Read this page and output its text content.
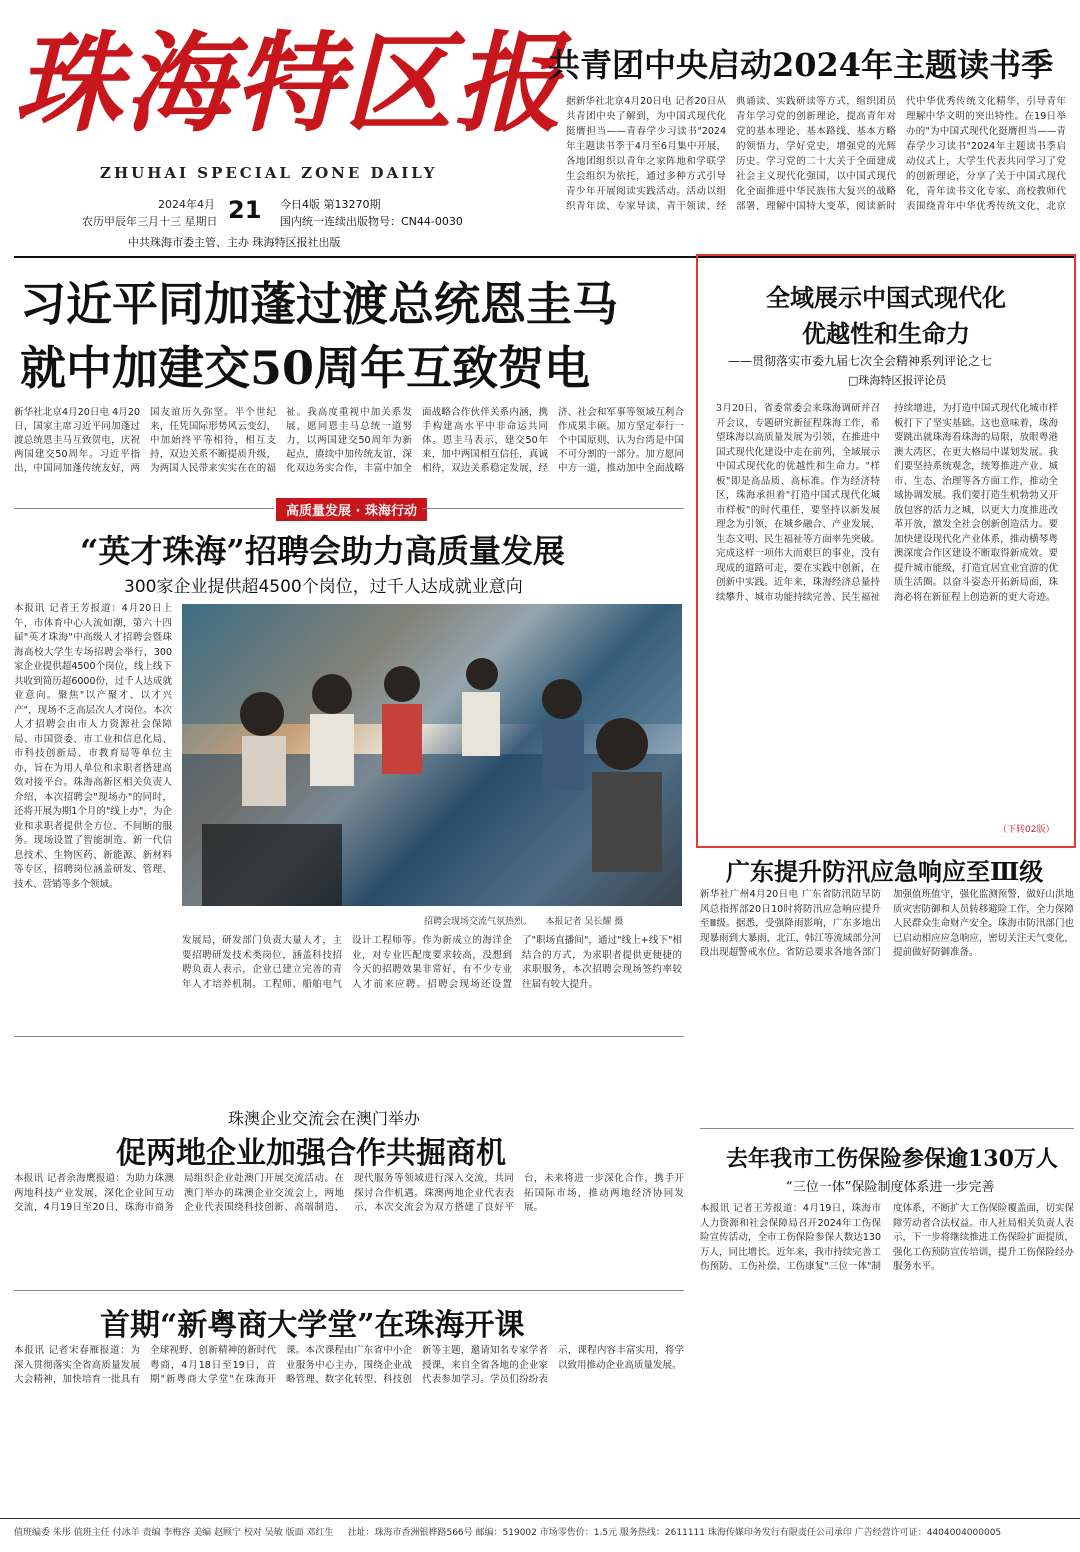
珠海特区报
ZHUHAI SPECIAL ZONE DAILY
2024年4月
农历甲辰年三月十三 星期日 21 今日4版 第13270期
国内统一连续出版物号：CN44-0030
中共珠海市委主管、主办 珠海特区报社出版
共青团中央启动2024年主题读书季
据新华社北京4月20日电 记者20日从共青团中央了解到，为中国式现代化挺膺担当——青春学少习读书"2024年主题读书季于4月至6月集中开展，各地团组织以青年之家阵地和学联学生会组织为依托，通过多种方式引导青少年开展阅读实践活动。活动以组织青年读、专家导读、青干领读、经典诵读、实践研读等方式，组织团员青年学习党的创新理论，提高青年对党的基本理论、基本路线、基本方略的领悟力，学好党史，增强党的光辉历史。学习党的二十大关于全面建成社会主义现代化强国，以中国式现代化全面推进中华民族伟大复兴的战略部署，理解中国特大变革，阅读新时代中华优秀传统文化精华，引导青年理解中华文明的突出特性。在19日举办的"为中国式现代化挺膺担当——青春学少习读书"2024年主题读书季启动仪式上，大学生代表共同学习了党的创新理论，分享了关于中国式现代化，青年读书文化专家、高校教师代表围绕青年中华优秀传统文化，北京
习近平同加蓬过渡总统恩圭马
就中加建交50周年互致贺电
新华社北京4月20日电 4月20日，国家主席习近平同加蓬过渡总统恩圭马互致贺电，庆祝两国建交50周年。习近平指出，中国同加蓬传统友好，两国友谊历久弥坚。半个世纪来，任凭国际形势风云变幻，中加始终平等相待，相互支持，双边关系不断提质升级，为两国人民带来实实在在的福祉。我高度重视中加关系发展，愿同恩圭马总统一道努力，以两国建交50周年为新起点，赓续中加传统友谊，深化双边务实合作，丰富中加全面战略合作伙伴关系内涵，携手构建高水平中非命运共同体。恩圭马表示，建交50年来，加中两国相互信任，真诚相待，双边关系稳定发展，经济、社会和军事等领域互利合作成果丰硕。加方坚定奉行一个中国原则，认为台湾是中国不可分割的一部分。加方愿同中方一道，推动加中全面战略
全域展示中国式现代化
优越性和生命力
——贯彻落实市委九届七次全会精神系列评论之七
□珠海特区报评论员
3月20日，省委常委会来珠海调研并召开会议，专题研究新征程珠海工作，希望珠海以高质量发展为引领，在推进中国式现代化建设中走在前列，全域展示中国式现代化的优越性和生命力。"样板"即是高品质、高标准。作为经济特区，珠海承担着"打造中国式现代化城市样板"的时代重任，要坚持以新发展理念为引领，在城乡融合、产业发展、生态文明、民生福祉等方面率先突破。完成这样一项伟大而艰巨的事业，没有现成的道路可走，要在实践中创新，在创新中实践。近年来，珠海经济总量持续攀升、城市功能持续完善、民生福祉持续增进，为打造中国式现代化城市样板打下了坚实基础。这也意味着，珠海要跳出就珠海看珠海的局限，放眼粤港澳大湾区，在更大格局中谋划发展。我们要坚持系统观念，统筹推进产业、城市、生态、治理等各方面工作，推动全域协调发展。我们要打造生机勃勃又开放包容的活力之城，以更大力度推进改革开放，激发全社会创新创造活力。要加快建设现代化产业体系，推动横琴粤澳深度合作区建设不断取得新成效。要提升城市能级，打造宜居宜业宜游的优质生活圈。以奋斗姿态开拓新局面，珠海必将在新征程上创造新的更大奇迹。
（下转02版）
高质量发展 · 珠海行动
“英才珠海”招聘会助力高质量发展
300家企业提供超4500个岗位，过千人达成就业意向
本报讯 记者王芳报道：4月20日上午，市体育中心人流如潮，第六十四届"英才珠海"中高级人才招聘会暨珠海高校大学生专场招聘会举行，300家企业提供超4500个岗位，线上线下共收到简历超6000份，过千人达成就业意向。聚焦"以产聚才、以才兴产"，现场不乏高层次人才岗位。本次人才招聘会由市人力资源社会保障局、市国资委、市工业和信息化局、市科技创新局、市教育局等单位主办，旨在为用人单位和求职者搭建高效对接平台。珠海高新区相关负责人介绍，本次招聘会"现场办"的同时，还将开展为期1个月的"线上办"，为企业和求职者提供全方位、不间断的服务。现场设置了智能制造、新一代信息技术、生物医药、新能源、新材料等专区，招聘岗位涵盖研发、管理、技术、营销等多个领域。
招聘会现场交流气氛热烈。　　 本报记者 吴长耀 摄
发展局，研发部门负责大量人才，主要招聘研发技术类岗位，涵盖科技招聘负责人表示，企业已建立完善的青年人才培养机制。工程师、船舶电气设计工程师等。作为新成立的海洋企业，对专业匹配度要求较高，没想到今天的招聘效果非常好，有不少专业人才前来应聘。招聘会现场还设置了"职场直播间"，通过"线上+线下"相结合的方式，为求职者提供更便捷的求职服务，本次招聘会现场签约率较往届有较大提升。
珠澳企业交流会在澳门举办
促两地企业加强合作共掘商机
本报讯 记者余海鹰报道：为助力珠澳两地科技产业发展，深化企业间互动交流，4月19日至20日，珠海市商务局组织企业赴澳门开展交流活动。在澳门举办的珠澳企业交流会上，两地企业代表围绕科技创新、高端制造、现代服务等领域进行深入交流，共同探讨合作机遇。珠澳两地企业代表表示，本次交流会为双方搭建了良好平台，未来将进一步深化合作，携手开拓国际市场，推动两地经济协同发展。
首期“新粤商大学堂”在珠海开课
本报讯 记者宋春雁报道：为深入贯彻落实全省高质量发展大会精神，加快培育一批具有全球视野、创新精神的新时代粤商，4月18日至19日，首期"新粤商大学堂"在珠海开课。本次课程由广东省中小企业服务中心主办，围绕企业战略管理、数字化转型、科技创新等主题，邀请知名专家学者授课，来自全省各地的企业家代表参加学习。学员们纷纷表示，课程内容丰富实用，将学以致用推动企业高质量发展。
广东提升防汛应急响应至Ⅲ级
新华社广州4月20日电 广东省防汛防旱防风总指挥部20日10时将防汛应急响应提升至Ⅲ级。据悉，受强降雨影响，广东多地出现暴雨到大暴雨，北江、韩江等流域部分河段出现超警戒水位。省防总要求各地各部门加强值班值守，强化监测预警，做好山洪地质灾害防御和人员转移避险工作，全力保障人民群众生命财产安全。珠海市防汛部门也已启动相应应急响应，密切关注天气变化，提前做好防御准备。
去年我市工伤保险参保逾130万人
“三位一体”保险制度体系进一步完善
本报讯 记者王芳报道：4月19日，珠海市人力资源和社会保障局召开2024年工伤保险宣传活动，全市工伤保险参保人数达130万人，同比增长。近年来，我市持续完善工伤预防、工伤补偿、工伤康复"三位一体"制度体系，不断扩大工伤保险覆盖面，切实保障劳动者合法权益。市人社局相关负责人表示，下一步将继续推进工伤保险扩面提质，强化工伤预防宣传培训，提升工伤保险经办服务水平。
值班编委 朱彤 值班主任 付冰羊 责编 李梅容 美编 赵顾宁 校对 吴敏 版面 邓红生 社址：珠海市香洲银桦路566号 邮编：519002 市场零售价：1.5元 服务热线：2611111 珠海传媒印务发行有限责任公司承印 广告经营许可证：4404004000005
